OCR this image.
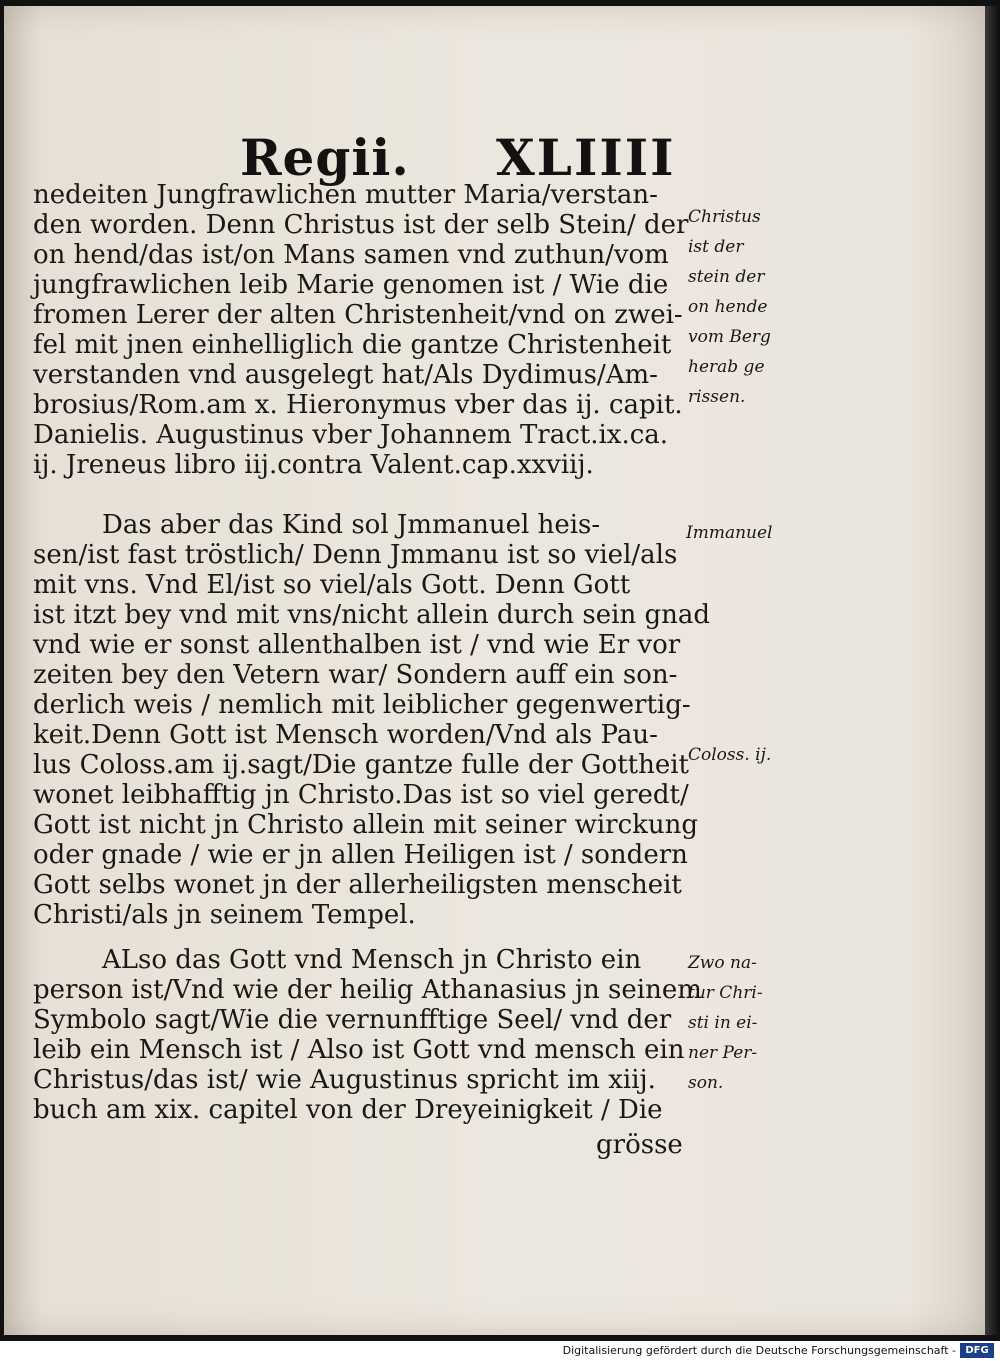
Regii. XLIIII
nedeiten Jungfrawlichen mutter Maria/verstan-
den worden. Denn Christus ist der selb Stein/ der
on hend/das ist/on Mans samen vnd zuthun/vom
jungfrawlichen leib Marie genomen ist / Wie die
fromen Lerer der alten Christenheit/vnd on zwei-
fel mit jnen einhelliglich die gantze Christenheit
verstanden vnd ausgelegt hat/Als Dydimus/Am-
brosius/Rom.am x. Hieronymus vber das ij. capit.
Danielis. Augustinus vber Johannem Tract.ix.ca.
ij. Jreneus libro iij.contra Valent.cap.xxviij.
Das aber das Kind sol Jmmanuel heis-
sen/ist fast tröstlich/ Denn Jmmanu ist so viel/als
mit vns. Vnd El/ist so viel/als Gott. Denn Gott
ist itzt bey vnd mit vns/nicht allein durch sein gnad
vnd wie er sonst allenthalben ist / vnd wie Er vor
zeiten bey den Vetern war/ Sondern auff ein son-
derlich weis / nemlich mit leiblicher gegenwertig-
keit.Denn Gott ist Mensch worden/Vnd als Pau-
lus Coloss.am ij.sagt/Die gantze fulle der Gottheit
wonet leibhafftig jn Christo.Das ist so viel geredt/
Gott ist nicht jn Christo allein mit seiner wirckung
oder gnade / wie er jn allen Heiligen ist / sondern
Gott selbs wonet jn der allerheiligsten menscheit
Christi/als jn seinem Tempel.
ALso das Gott vnd Mensch jn Christo ein
person ist/Vnd wie der heilig Athanasius jn seinem
Symbolo sagt/Wie die vernunfftige Seel/ vnd der
leib ein Mensch ist / Also ist Gott vnd mensch ein
Christus/das ist/ wie Augustinus spricht im xiij.
buch am xix. capitel von der Dreyeinigkeit / Die
grösse
Christus
ist der
stein der
on hende
vom Berg
herab ge
rissen.
Immanuel
Coloss. ij.
Zwo na-
tur Chri-
sti in ei-
ner Per-
son.
Digitalisierung gefördert durch die Deutsche Forschungsgemeinschaft - DFG
